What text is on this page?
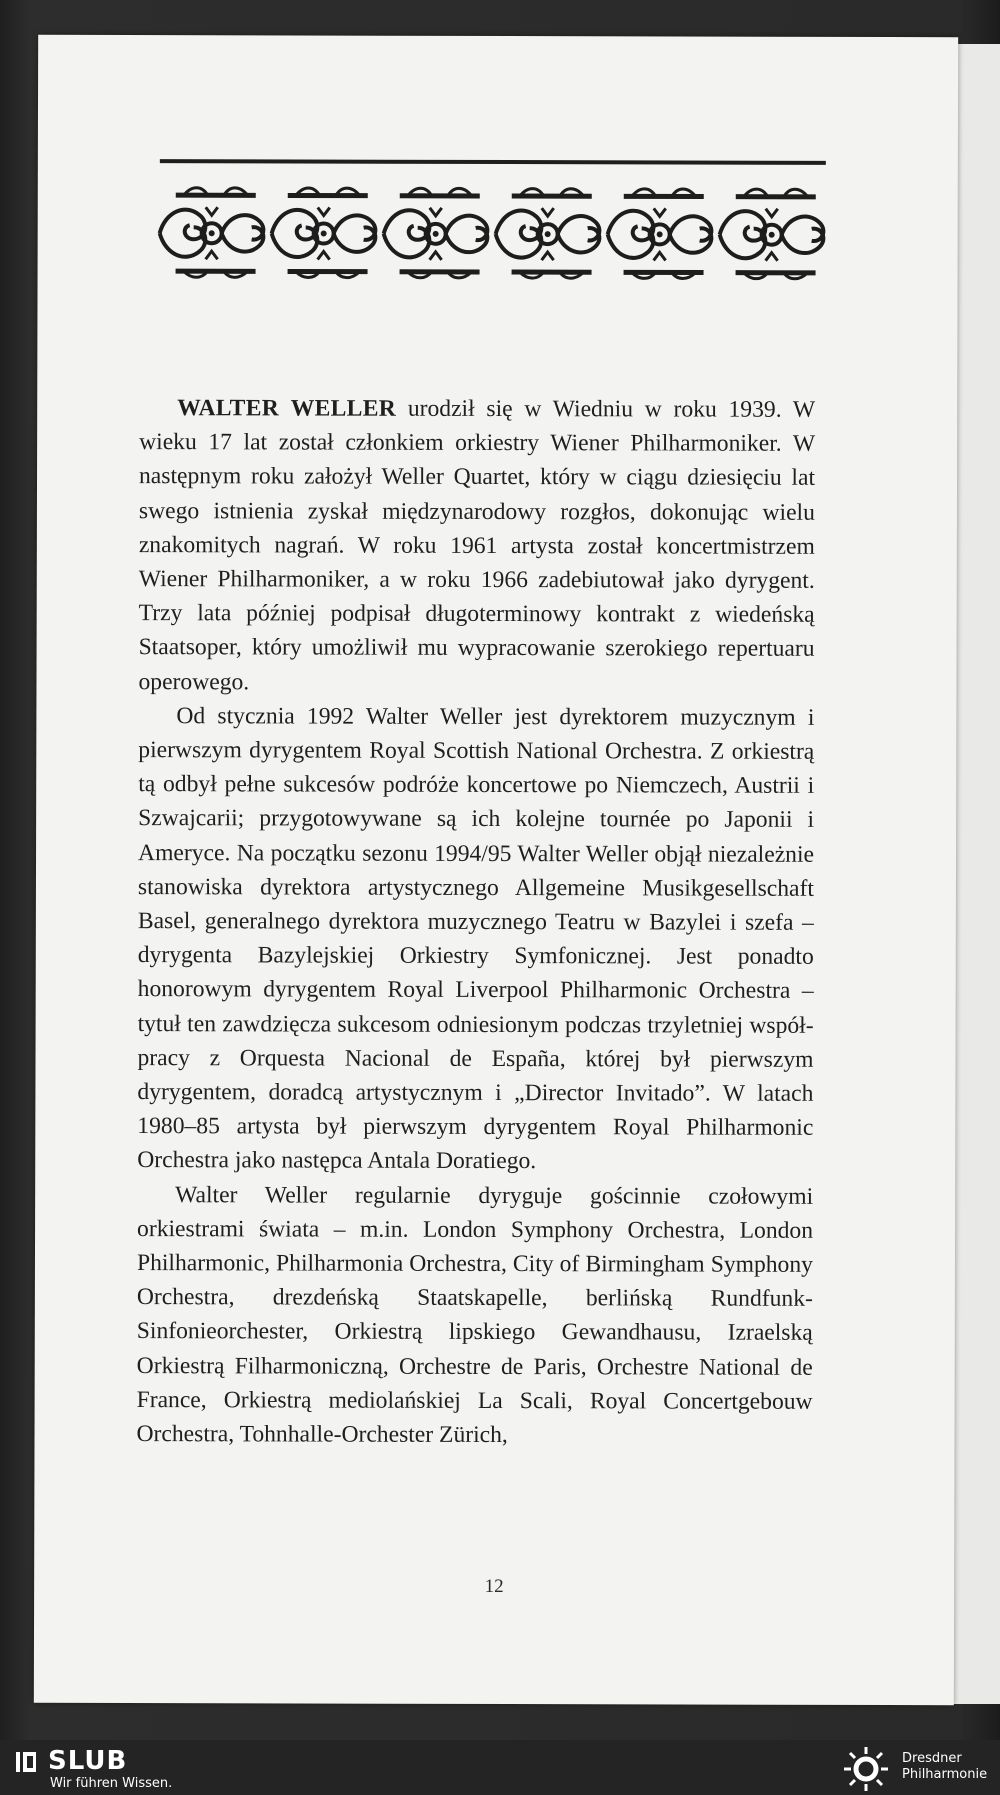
WALTER WELLER urodził się w Wiedniu w roku 1939. W wieku 17 lat został członkiem orkiestry Wiener Philharmoniker. W następnym roku założył Weller Quartet, który w ciągu dziesięciu lat swego istnienia zyskał międzynarodowy rozgłos, dokonując wielu znakomitych nagrań. W roku 1961 artysta został koncertmistrzem Wiener Philharmoniker, a w roku 1966 zadebiutował jako dyrygent. Trzy lata później podpisał długoterminowy kontrakt z wiedeńską Staatsoper, który umożliwił mu wypracowanie szerokiego repertuaru operowego.

Od stycznia 1992 Walter Weller jest dyrektorem muzycznym i pierwszym dyrygentem Royal Scottish National Orchestra. Z orkiestrą tą odbył pełne sukcesów podróże koncertowe po Niemczech, Austrii i Szwajcarii; przygotowywane są ich kolejne tournée po Japonii i Ameryce. Na początku sezonu 1994/95 Walter Weller objął niezależnie stanowiska dyrektora artystycznego Allgemeine Musikgesellschaft Basel, generalnego dyrektora muzycznego Teatru w Bazylei i szefa – dyrygenta Bazylejskiej Orkiestry Symfonicznej. Jest ponadto honorowym dyrygentem Royal Liverpool Philharmonic Orchestra – tytuł ten zawdzięcza sukcesom odniesionym podczas trzyletniej współpracy z Orquesta Nacional de España, której był pierwszym dyrygentem, doradcą artystycznym i „Director Invitado”. W latach 1980–85 artysta był pierwszym dyrygentem Royal Philharmonic Orchestra jako następca Antala Doratiego.

Walter Weller regularnie dyryguje gościnnie czołowymi orkiestrami świata – m.in. London Symphony Orchestra, London Philharmonic, Philharmonia Orchestra, City of Birmingham Symphony Orchestra, drezdeńską Staatskapelle, berlińską Rundfunk-Sinfonieorchester, Orkiestrą lipskiego Gewandhausu, Izraelską Orkiestrą Filharmoniczną, Orchestre de Paris, Orchestre National de France, Orkiestrą mediolańskiej La Scali, Royal Concertgebouw Orchestra, Tohnhalle-Orchester Zürich,

12
SLUB
Wir führen Wissen.
Dresdner
Philharmonie
